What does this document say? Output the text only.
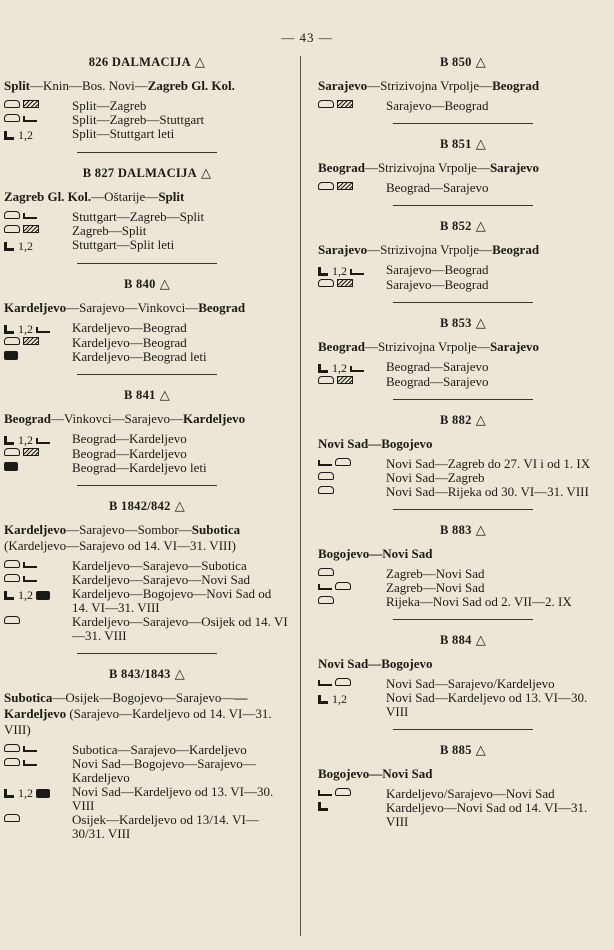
— 43 —
826 DALMACIJA △
Split—Knin—Bos. Novi—Zagreb Gl. Kol.
Split—Zagreb
Split—Zagreb—Stuttgart
1,2	Split—Stuttgart leti
B 827 DALMACIJA △
Zagreb Gl. Kol.—Oštarije—Split
Stuttgart—Zagreb—Split
Zagreb—Split
1,2	Stuttgart—Split leti
B 840 △
Kardeljevo—Sarajevo—Vinkovci—Beograd
1,2	Kardeljevo—Beograd
Kardeljevo—Beograd
Kardeljevo—Beograd leti
B 841 △
Beograd—Vinkovci—Sarajevo—Kardeljevo
1,2	Beograd—Kardeljevo
Beograd—Kardeljevo
Beograd—Kardeljevo leti
B 1842/842 △
Kardeljevo—Sarajevo—Sombor—Subotica (Kardeljevo—Sarajevo od 14. VI—31. VIII)
Kardeljevo—Sarajevo—Subotica
Kardeljevo—Sarajevo—Novi Sad
1,2	Kardeljevo—Bogojevo—Novi Sad od 14. VI—31. VIII
Kardeljevo—Sarajevo—Osijek od 14. VI—31. VIII
B 843/1843 △
Subotica—Osijek—Bogojevo—Sarajevo——Kardeljevo (Sarajevo—Kardeljevo od 14. VI—31. VIII)
Subotica—Sarajevo—Kardeljevo
Novi Sad—Bogojevo—Sarajevo—Kardeljevo
1,2	Novi Sad—Kardeljevo od 13. VI—30. VIII
Osijek—Kardeljevo od 13/14. VI—30/31. VIII
B 850 △
Sarajevo—Strizivojna Vrpolje—Beograd
Sarajevo—Beograd
B 851 △
Beograd—Strizivojna Vrpolje—Sarajevo
Beograd—Sarajevo
B 852 △
Sarajevo—Strizivojna Vrpolje—Beograd
1,2	Sarajevo—Beograd
Sarajevo—Beograd
B 853 △
Beograd—Strizivojna Vrpolje—Sarajevo
1,2	Beograd—Sarajevo
Beograd—Sarajevo
B 882 △
Novi Sad—Bogojevo
Novi Sad—Zagreb do 27. VI i od 1. IX
Novi Sad—Zagreb
Novi Sad—Rijeka od 30. VI—31. VIII
B 883 △
Bogojevo—Novi Sad
Zagreb—Novi Sad
Zagreb—Novi Sad
Rijeka—Novi Sad od 2. VII—2. IX
B 884 △
Novi Sad—Bogojevo
Novi Sad—Sarajevo/Kardeljevo
1,2	Novi Sad—Kardeljevo od 13. VI—30. VIII
B 885 △
Bogojevo—Novi Sad
Kardeljevo/Sarajevo—Novi Sad
Kardeljevo—Novi Sad od 14. VI—31. VIII
